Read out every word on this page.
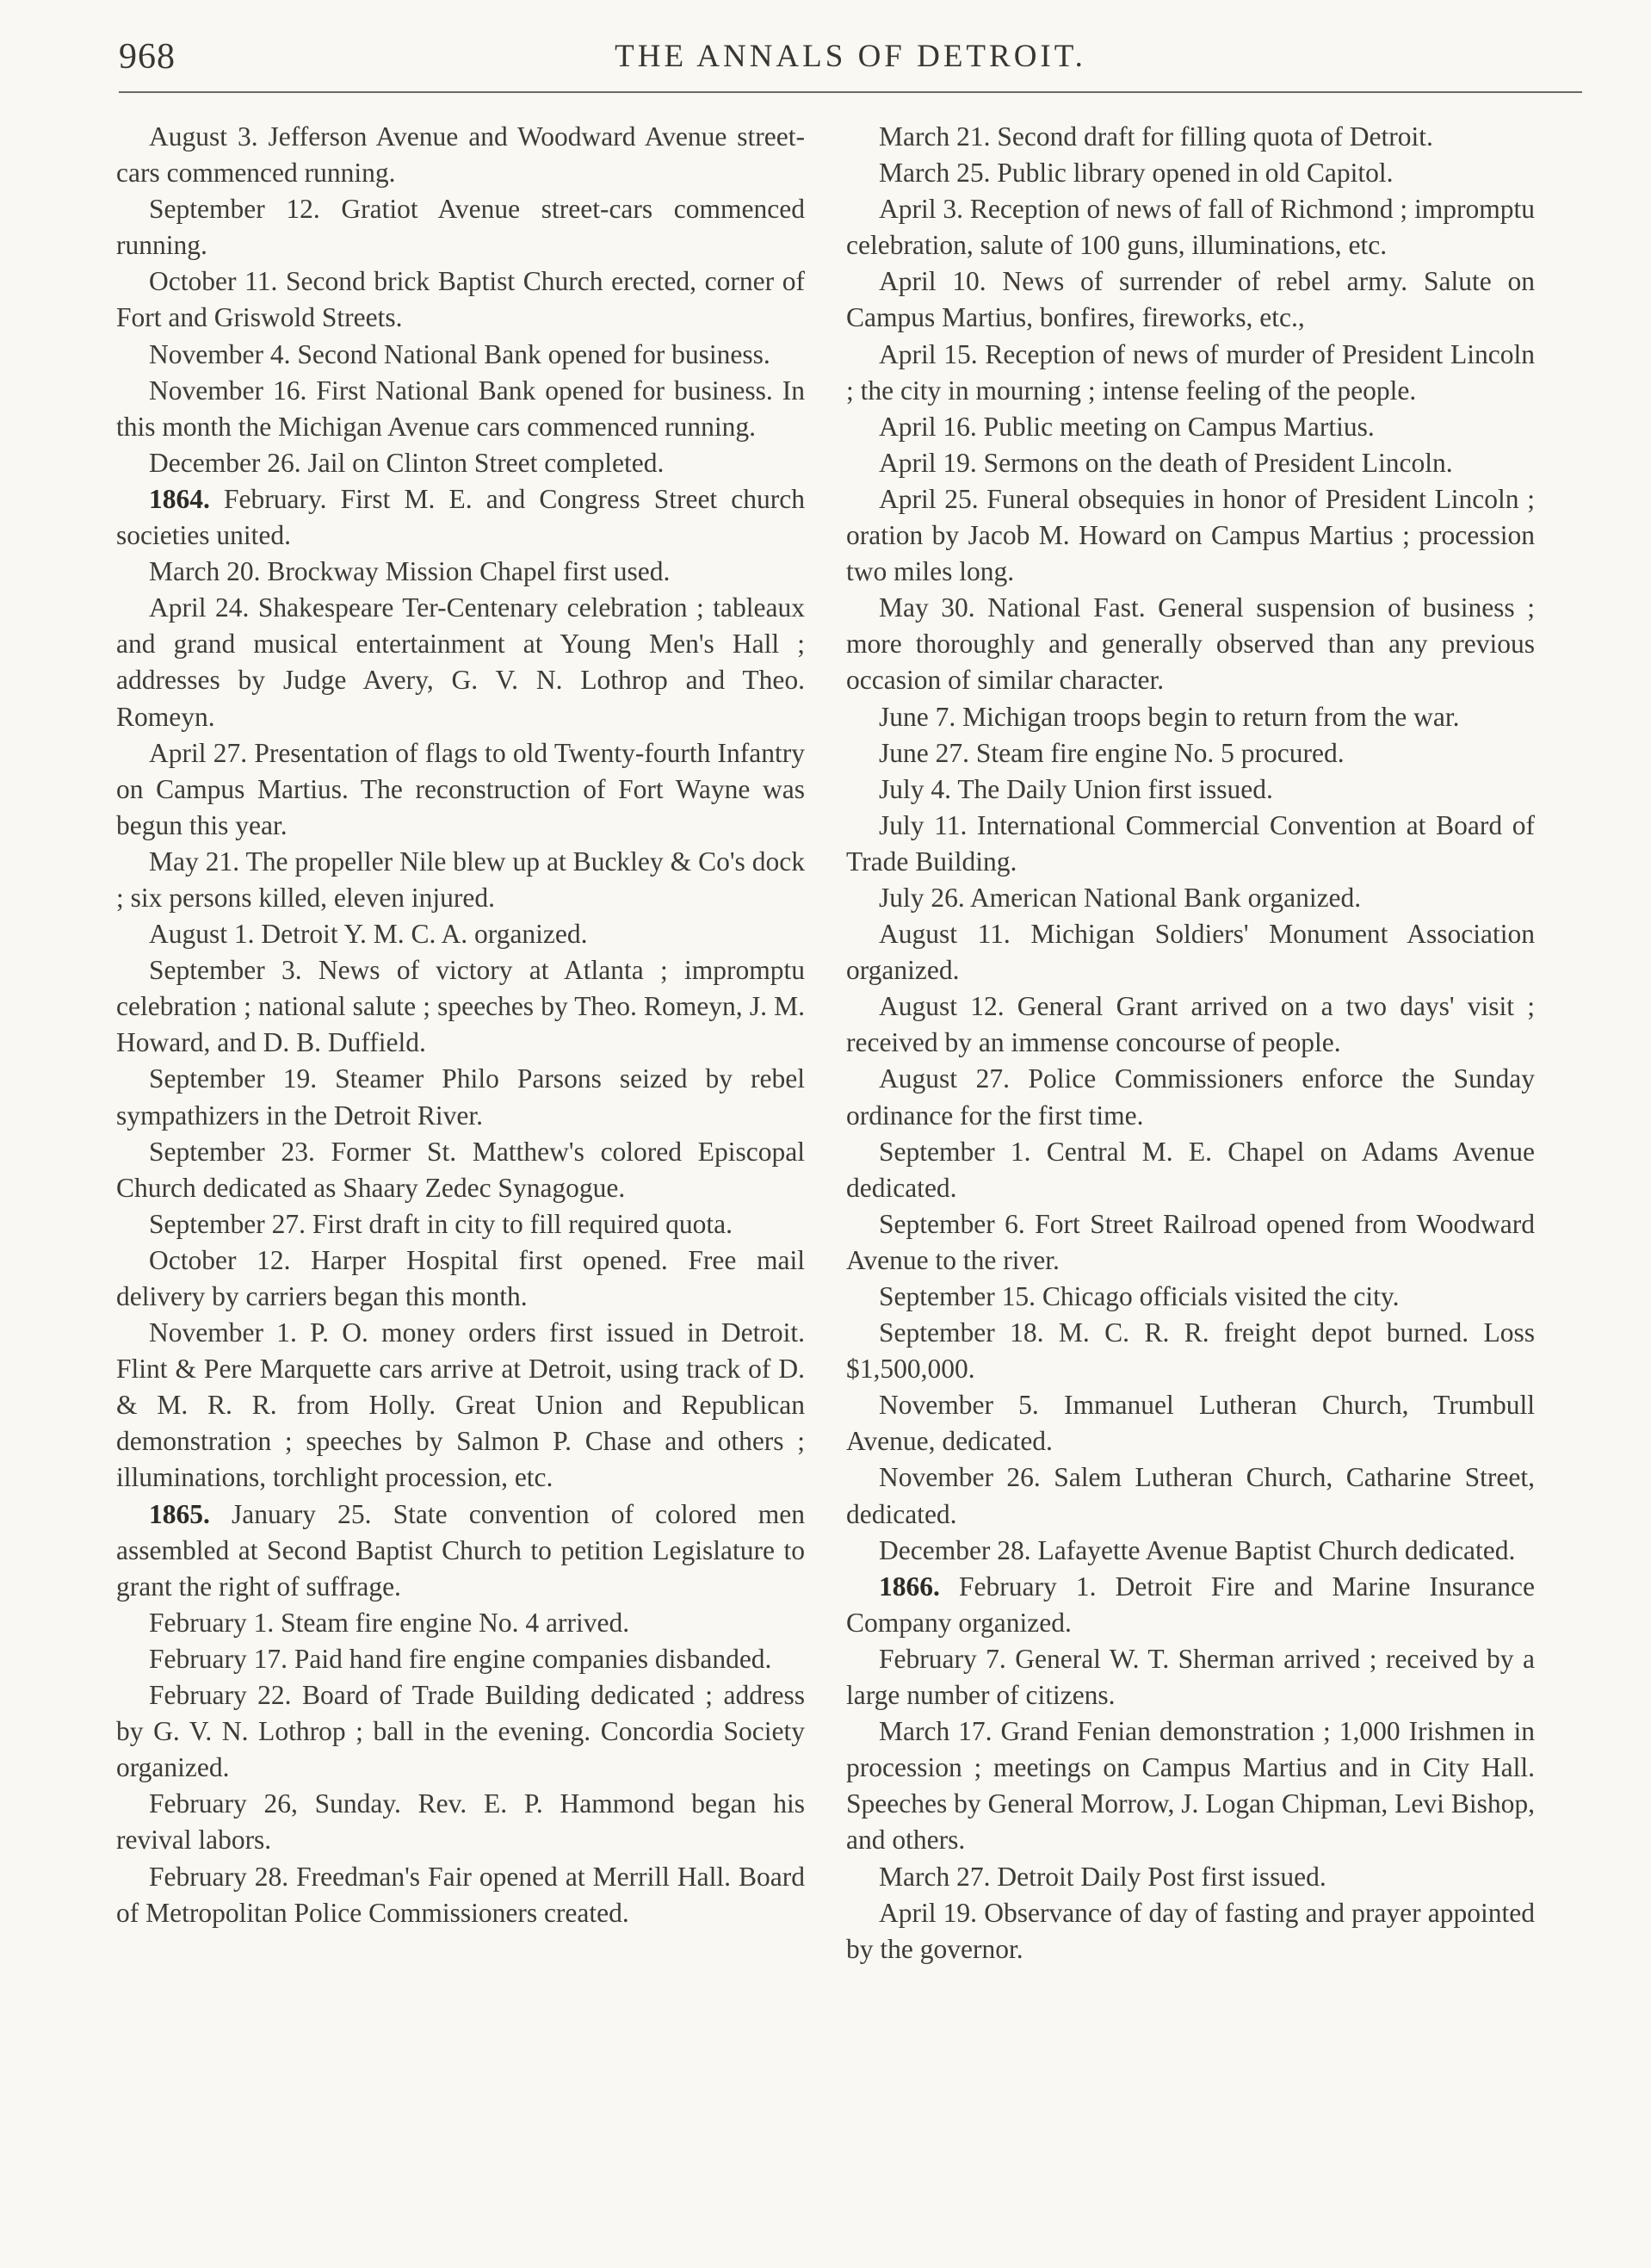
968	THE ANNALS OF DETROIT.

August 3. Jefferson Avenue and Woodward Avenue street-cars commenced running.

September 12. Gratiot Avenue street-cars commenced running.

October 11. Second brick Baptist Church erected, corner of Fort and Griswold Streets.

November 4. Second National Bank opened for business.

November 16. First National Bank opened for business. In this month the Michigan Avenue cars commenced running.

December 26. Jail on Clinton Street completed.

1864. February. First M. E. and Congress Street church societies united.

March 20. Brockway Mission Chapel first used.

April 24. Shakespeare Ter-Centenary celebration ; tableaux and grand musical entertainment at Young Men's Hall ; addresses by Judge Avery, G. V. N. Lothrop and Theo. Romeyn.

April 27. Presentation of flags to old Twenty-fourth Infantry on Campus Martius. The reconstruction of Fort Wayne was begun this year.

May 21. The propeller Nile blew up at Buckley & Co's dock ; six persons killed, eleven injured.

August 1. Detroit Y. M. C. A. organized.

September 3. News of victory at Atlanta ; impromptu celebration ; national salute ; speeches by Theo. Romeyn, J. M. Howard, and D. B. Duffield.

September 19. Steamer Philo Parsons seized by rebel sympathizers in the Detroit River.

September 23. Former St. Matthew's colored Episcopal Church dedicated as Shaary Zedec Synagogue.

September 27. First draft in city to fill required quota.

October 12. Harper Hospital first opened. Free mail delivery by carriers began this month.

November 1. P. O. money orders first issued in Detroit. Flint & Pere Marquette cars arrive at Detroit, using track of D. & M. R. R. from Holly. Great Union and Republican demonstration ; speeches by Salmon P. Chase and others ; illuminations, torchlight procession, etc.

1865. January 25. State convention of colored men assembled at Second Baptist Church to petition Legislature to grant the right of suffrage.

February 1. Steam fire engine No. 4 arrived.

February 17. Paid hand fire engine companies disbanded.

February 22. Board of Trade Building dedicated ; address by G. V. N. Lothrop ; ball in the evening. Concordia Society organized.

February 26, Sunday. Rev. E. P. Hammond began his revival labors.

February 28. Freedman's Fair opened at Merrill Hall. Board of Metropolitan Police Commissioners created.

March 21. Second draft for filling quota of Detroit.

March 25. Public library opened in old Capitol.

April 3. Reception of news of fall of Richmond ; impromptu celebration, salute of 100 guns, illuminations, etc.

April 10. News of surrender of rebel army. Salute on Campus Martius, bonfires, fireworks, etc.,

April 15. Reception of news of murder of President Lincoln ; the city in mourning ; intense feeling of the people.

April 16. Public meeting on Campus Martius.

April 19. Sermons on the death of President Lincoln.

April 25. Funeral obsequies in honor of President Lincoln ; oration by Jacob M. Howard on Campus Martius ; procession two miles long.

May 30. National Fast. General suspension of business ; more thoroughly and generally observed than any previous occasion of similar character.

June 7. Michigan troops begin to return from the war.

June 27. Steam fire engine No. 5 procured.

July 4. The Daily Union first issued.

July 11. International Commercial Convention at Board of Trade Building.

July 26. American National Bank organized.

August 11. Michigan Soldiers' Monument Association organized.

August 12. General Grant arrived on a two days' visit ; received by an immense concourse of people.

August 27. Police Commissioners enforce the Sunday ordinance for the first time.

September 1. Central M. E. Chapel on Adams Avenue dedicated.

September 6. Fort Street Railroad opened from Woodward Avenue to the river.

September 15. Chicago officials visited the city.

September 18. M. C. R. R. freight depot burned. Loss $1,500,000.

November 5. Immanuel Lutheran Church, Trumbull Avenue, dedicated.

November 26. Salem Lutheran Church, Catharine Street, dedicated.

December 28. Lafayette Avenue Baptist Church dedicated.

1866. February 1. Detroit Fire and Marine Insurance Company organized.

February 7. General W. T. Sherman arrived ; received by a large number of citizens.

March 17. Grand Fenian demonstration ; 1,000 Irishmen in procession ; meetings on Campus Martius and in City Hall. Speeches by General Morrow, J. Logan Chipman, Levi Bishop, and others.

March 27. Detroit Daily Post first issued.

April 19. Observance of day of fasting and prayer appointed by the governor.
